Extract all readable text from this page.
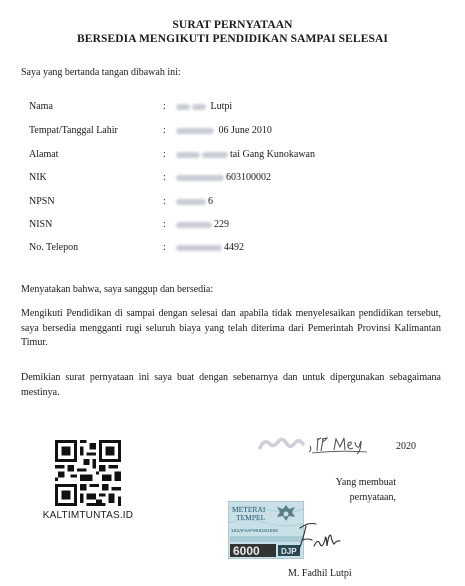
SURAT PERNYATAAN
BERSEDIA MENGIKUTI PENDIDIKAN SAMPAI SELESAI
Saya yang bertanda tangan dibawah ini:
Nama	:	Lutpi
Tempat/Tanggal Lahir	:	06 June 2010
Alamat	:	tai Gang Kunokawan
NIK	:	603100002
NPSN	:	6
NISN	:	229
No. Telepon	:	4492
Menyatakan bahwa, saya sanggup dan bersedia:
Mengikuti Pendidikan di sampai dengan selesai dan apabila tidak menyelesaikan pendidikan tersebut, saya bersedia mengganti rugi seluruh biaya yang telah diterima dari Pemerintah Provinsi Kalimantan Timur.
Demikian surat pernyataan ini saya buat dengan sebenarnya dan untuk dipergunakan sebagaimana mestinya.
KALTIMTUNTAS.ID
2020
Yang membuat
pernyataan,
METERAI
TEMPEL
181AFAAF969181558
6000	DJP
M. Fadhil Lutpi
